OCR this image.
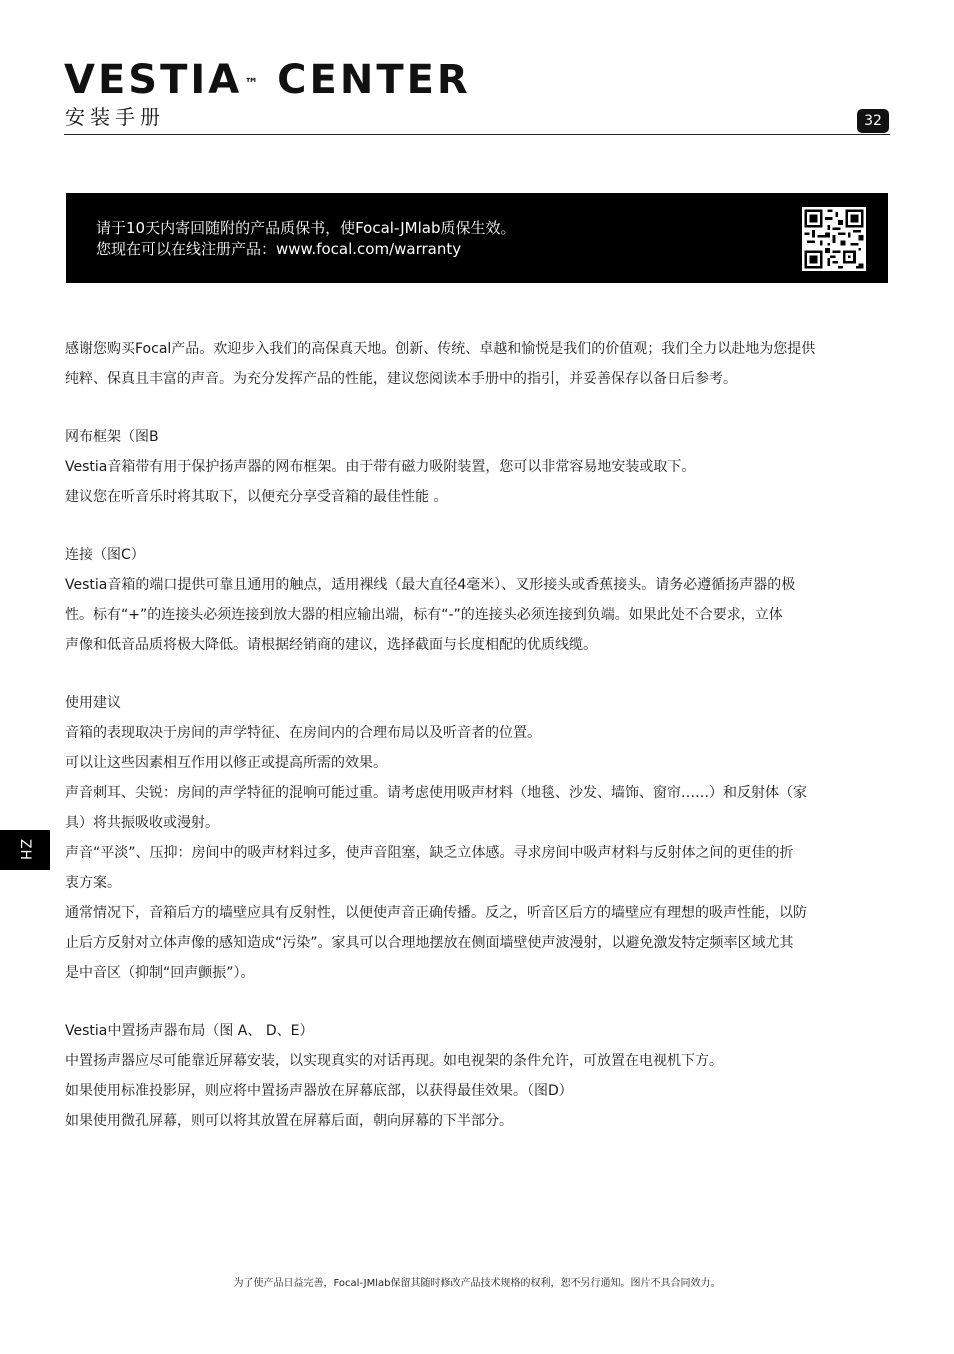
VESTIA ™ CENTER
安装手册	32
请于10天内寄回随附的产品质保书，使Focal-JMlab质保生效。
您现在可以在线注册产品：www.focal.com/warranty

感谢您购买Focal产品。欢迎步入我们的高保真天地。创新、传统、卓越和愉悦是我们的价值观；我们全力以赴地为您提供

纯粹、保真且丰富的声音。为充分发挥产品的性能，建议您阅读本手册中的指引，并妥善保存以备日后参考。

网布框架（图B

Vestia音箱带有用于保护扬声器的网布框架。由于带有磁力吸附装置，您可以非常容易地安装或取下。

建议您在听音乐时将其取下，以便充分享受音箱的最佳性能 。

连接（图C）

Vestia音箱的端口提供可靠且通用的触点，适用裸线（最大直径4毫米）、叉形接头或香蕉接头。请务必遵循扬声器的极

性。标有“+”的连接头必须连接到放大器的相应输出端，标有“-”的连接头必须连接到负端。如果此处不合要求，立体

声像和低音品质将极大降低。请根据经销商的建议，选择截面与长度相配的优质线缆。

使用建议

音箱的表现取决于房间的声学特征、在房间内的合理布局以及听音者的位置。

可以让这些因素相互作用以修正或提高所需的效果。

声音刺耳、尖锐：房间的声学特征的混响可能过重。请考虑使用吸声材料（地毯、沙发、墙饰、窗帘……）和反射体（家

具）将共振吸收或漫射。

声音“平淡”、压抑：房间中的吸声材料过多，使声音阻塞，缺乏立体感。寻求房间中吸声材料与反射体之间的更佳的折

衷方案。

通常情况下，音箱后方的墙壁应具有反射性，以便使声音正确传播。反之，听音区后方的墙壁应有理想的吸声性能，以防

止后方反射对立体声像的感知造成“污染”。家具可以合理地摆放在侧面墙壁使声波漫射，以避免激发特定频率区域尤其

是中音区（抑制“回声颤振”）。

Vestia中置扬声器布局（图 A、 D、E）

中置扬声器应尽可能靠近屏幕安装，以实现真实的对话再现。如电视架的条件允许，可放置在电视机下方。

如果使用标准投影屏，则应将中置扬声器放在屏幕底部，以获得最佳效果。（图D）

如果使用微孔屏幕，则可以将其放置在屏幕后面，朝向屏幕的下半部分。

ZH
为了使产品日益完善，Focal-JMlab保留其随时修改产品技术规格的权利，恕不另行通知。图片不具合同效力。
